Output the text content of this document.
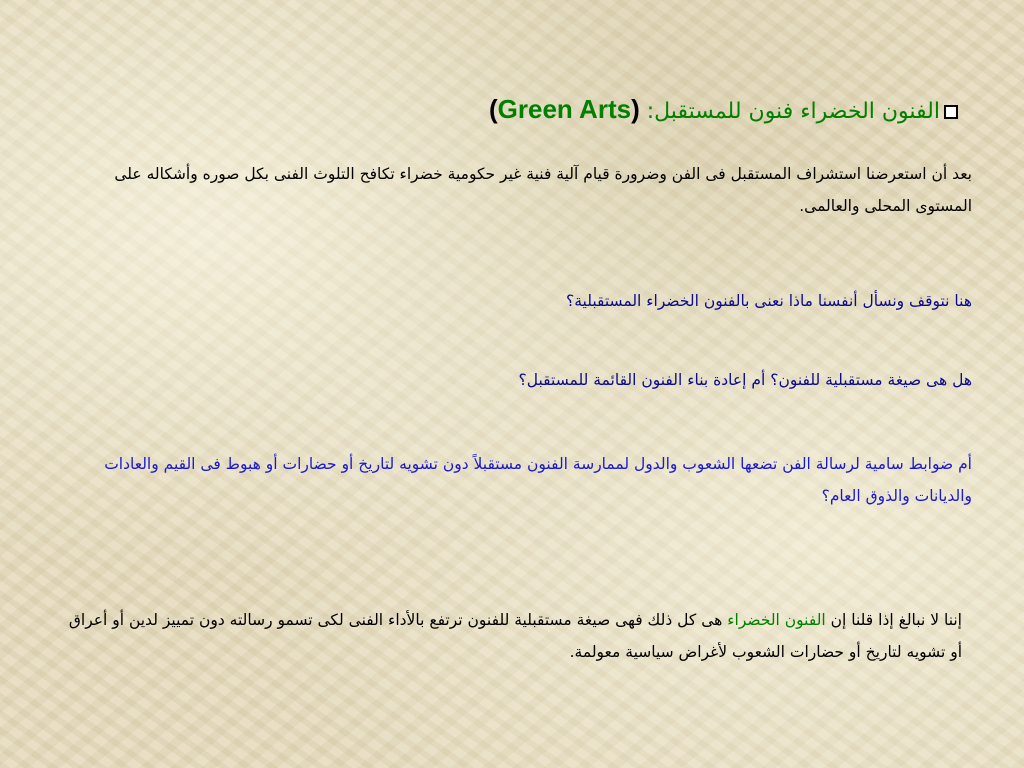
الفنون الخضراء فنون للمستقبل: (Green Arts)
بعد أن استعرضنا استشراف المستقبل فى الفن وضرورة قيام آلية فنية غير حكومية خضراء تكافح التلوث الفنى بكل صوره وأشكاله على المستوى المحلى والعالمى.
هنا نتوقف ونسأل أنفسنا ماذا نعنى بالفنون الخضراء المستقبلية؟
هل هى صيغة مستقبلية للفنون؟ أم إعادة بناء الفنون القائمة للمستقبل؟
أم ضوابط سامية لرسالة الفن تضعها الشعوب والدول لممارسة الفنون مستقبلاً دون تشويه لتاريخ أو حضارات أو هبوط فى القيم والعادات والديانات والذوق العام؟
إننا لا نبالغ إذا قلنا إن الفنون الخضراء هى كل ذلك فهى صيغة مستقبلية للفنون ترتفع بالأداء الفنى لكى تسمو رسالته دون تمييز لدين أو أعراق أو تشويه لتاريخ أو حضارات الشعوب لأغراض سياسية معولمة.
